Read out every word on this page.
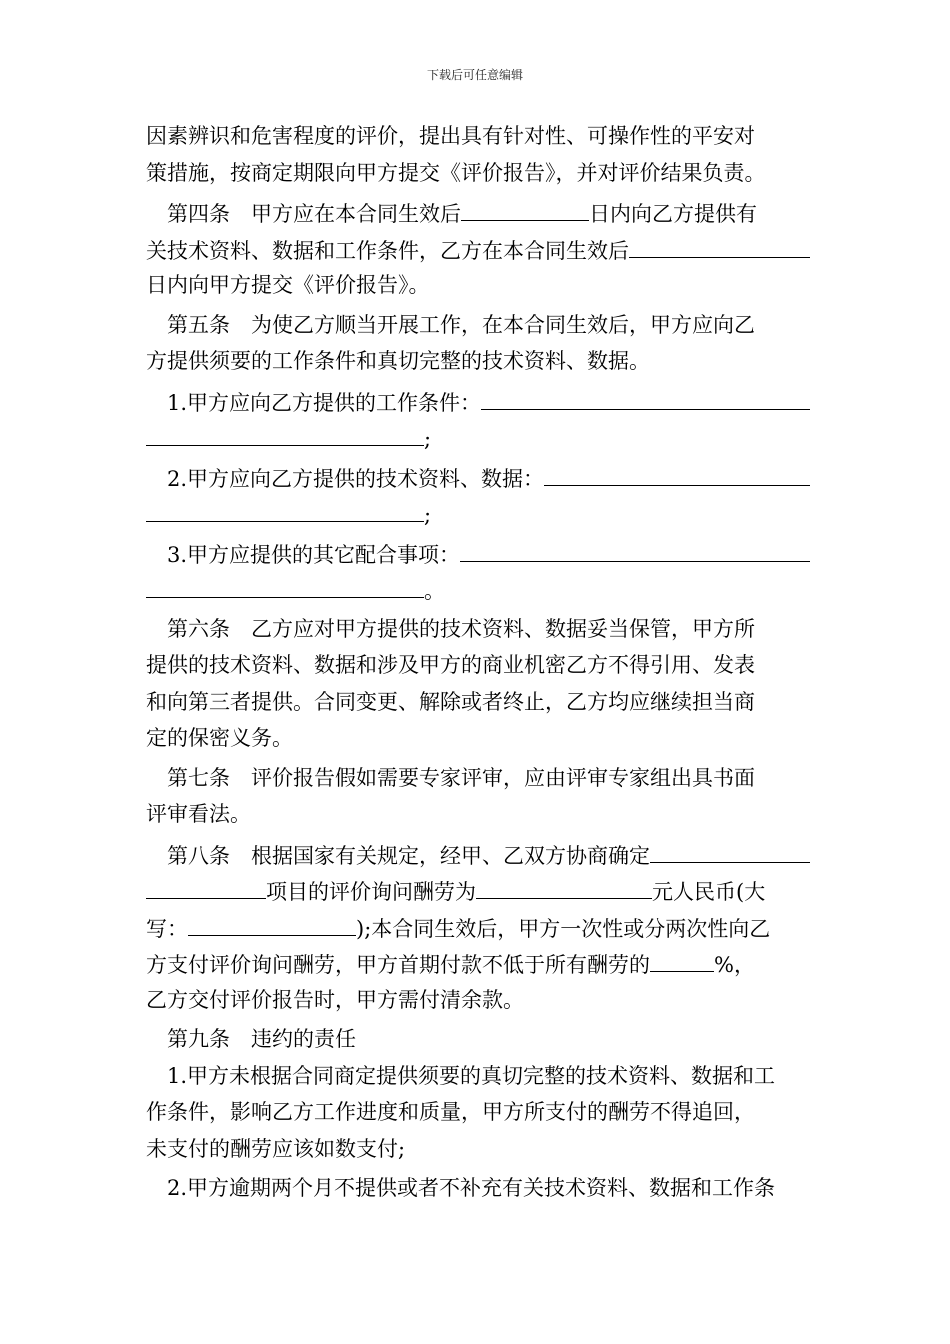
下载后可任意编辑
因素辨识和危害程度的评价，提出具有针对性、可操作性的平安对
策措施，按商定期限向甲方提交《评价报告》，并对评价结果负责。
第四条　甲方应在本合同生效后	日内向乙方提供有
关技术资料、数据和工作条件，乙方在本合同生效后
日内向甲方提交《评价报告》。
第五条　为使乙方顺当开展工作，在本合同生效后，甲方应向乙
方提供须要的工作条件和真切完整的技术资料、数据。
1.甲方应向乙方提供的工作条件：
;
2.甲方应向乙方提供的技术资料、数据：
;
3.甲方应提供的其它配合事项：
。
第六条　乙方应对甲方提供的技术资料、数据妥当保管，甲方所
提供的技术资料、数据和涉及甲方的商业机密乙方不得引用、发表
和向第三者提供。合同变更、解除或者终止，乙方均应继续担当商
定的保密义务。
第七条　评价报告假如需要专家评审，应由评审专家组出具书面
评审看法。
第八条　根据国家有关规定，经甲、乙双方协商确定
项目的评价询问酬劳为	元人民币(大
写：	);本合同生效后，甲方一次性或分两次性向乙
方支付评价询问酬劳，甲方首期付款不低于所有酬劳的	%，
乙方交付评价报告时，甲方需付清余款。
第九条　违约的责任
1.甲方未根据合同商定提供须要的真切完整的技术资料、数据和工
作条件，影响乙方工作进度和质量，甲方所支付的酬劳不得追回，
未支付的酬劳应该如数支付;
2.甲方逾期两个月不提供或者不补充有关技术资料、数据和工作条
